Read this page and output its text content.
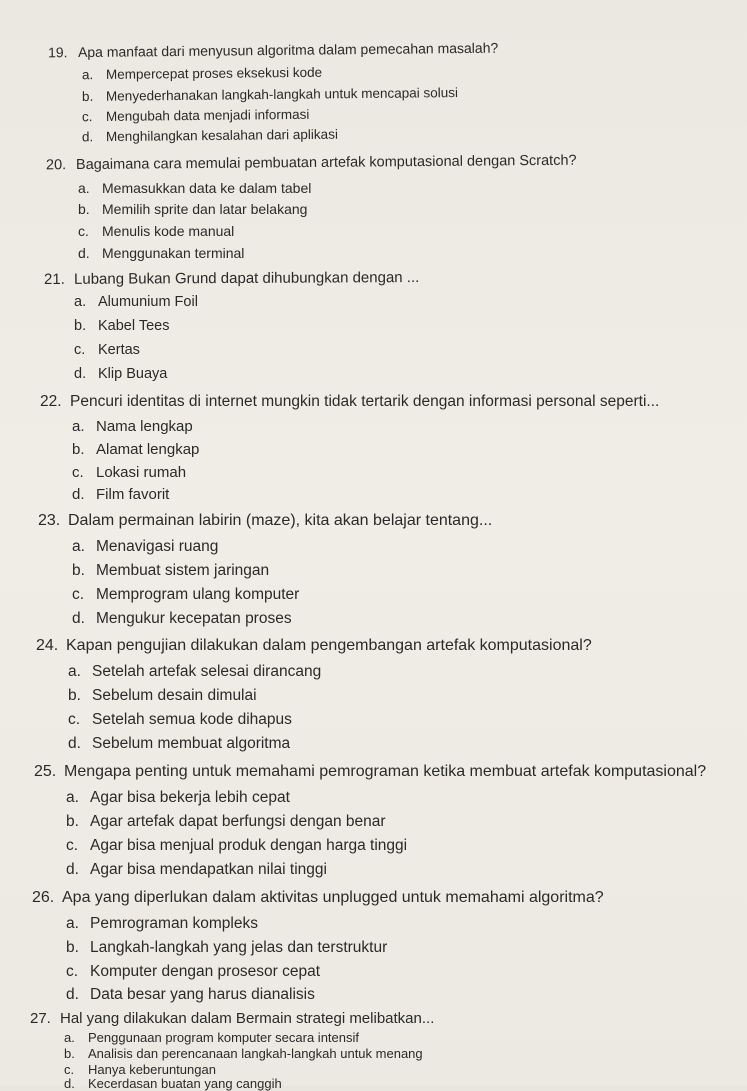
19. Apa manfaat dari menyusun algoritma dalam pemecahan masalah?
a. Mempercepat proses eksekusi kode
b. Menyederhanakan langkah-langkah untuk mencapai solusi
c. Mengubah data menjadi informasi
d. Menghilangkan kesalahan dari aplikasi
20. Bagaimana cara memulai pembuatan artefak komputasional dengan Scratch?
a. Memasukkan data ke dalam tabel
b. Memilih sprite dan latar belakang
c. Menulis kode manual
d. Menggunakan terminal
21. Lubang Bukan Grund dapat dihubungkan dengan ...
a. Alumunium Foil
b. Kabel Tees
c. Kertas
d. Klip Buaya
22. Pencuri identitas di internet mungkin tidak tertarik dengan informasi personal seperti...
a. Nama lengkap
b. Alamat lengkap
c. Lokasi rumah
d. Film favorit
23. Dalam permainan labirin (maze), kita akan belajar tentang...
a. Menavigasi ruang
b. Membuat sistem jaringan
c. Memprogram ulang komputer
d. Mengukur kecepatan proses
24. Kapan pengujian dilakukan dalam pengembangan artefak komputasional?
a. Setelah artefak selesai dirancang
b. Sebelum desain dimulai
c. Setelah semua kode dihapus
d. Sebelum membuat algoritma
25. Mengapa penting untuk memahami pemrograman ketika membuat artefak komputasional?
a. Agar bisa bekerja lebih cepat
b. Agar artefak dapat berfungsi dengan benar
c. Agar bisa menjual produk dengan harga tinggi
d. Agar bisa mendapatkan nilai tinggi
26. Apa yang diperlukan dalam aktivitas unplugged untuk memahami algoritma?
a. Pemrograman kompleks
b. Langkah-langkah yang jelas dan terstruktur
c. Komputer dengan prosesor cepat
d. Data besar yang harus dianalisis
27. Hal yang dilakukan dalam Bermain strategi melibatkan...
a. Penggunaan program komputer secara intensif
b. Analisis dan perencanaan langkah-langkah untuk menang
c. Hanya keberuntungan
d. Kecerdasan buatan yang canggih
